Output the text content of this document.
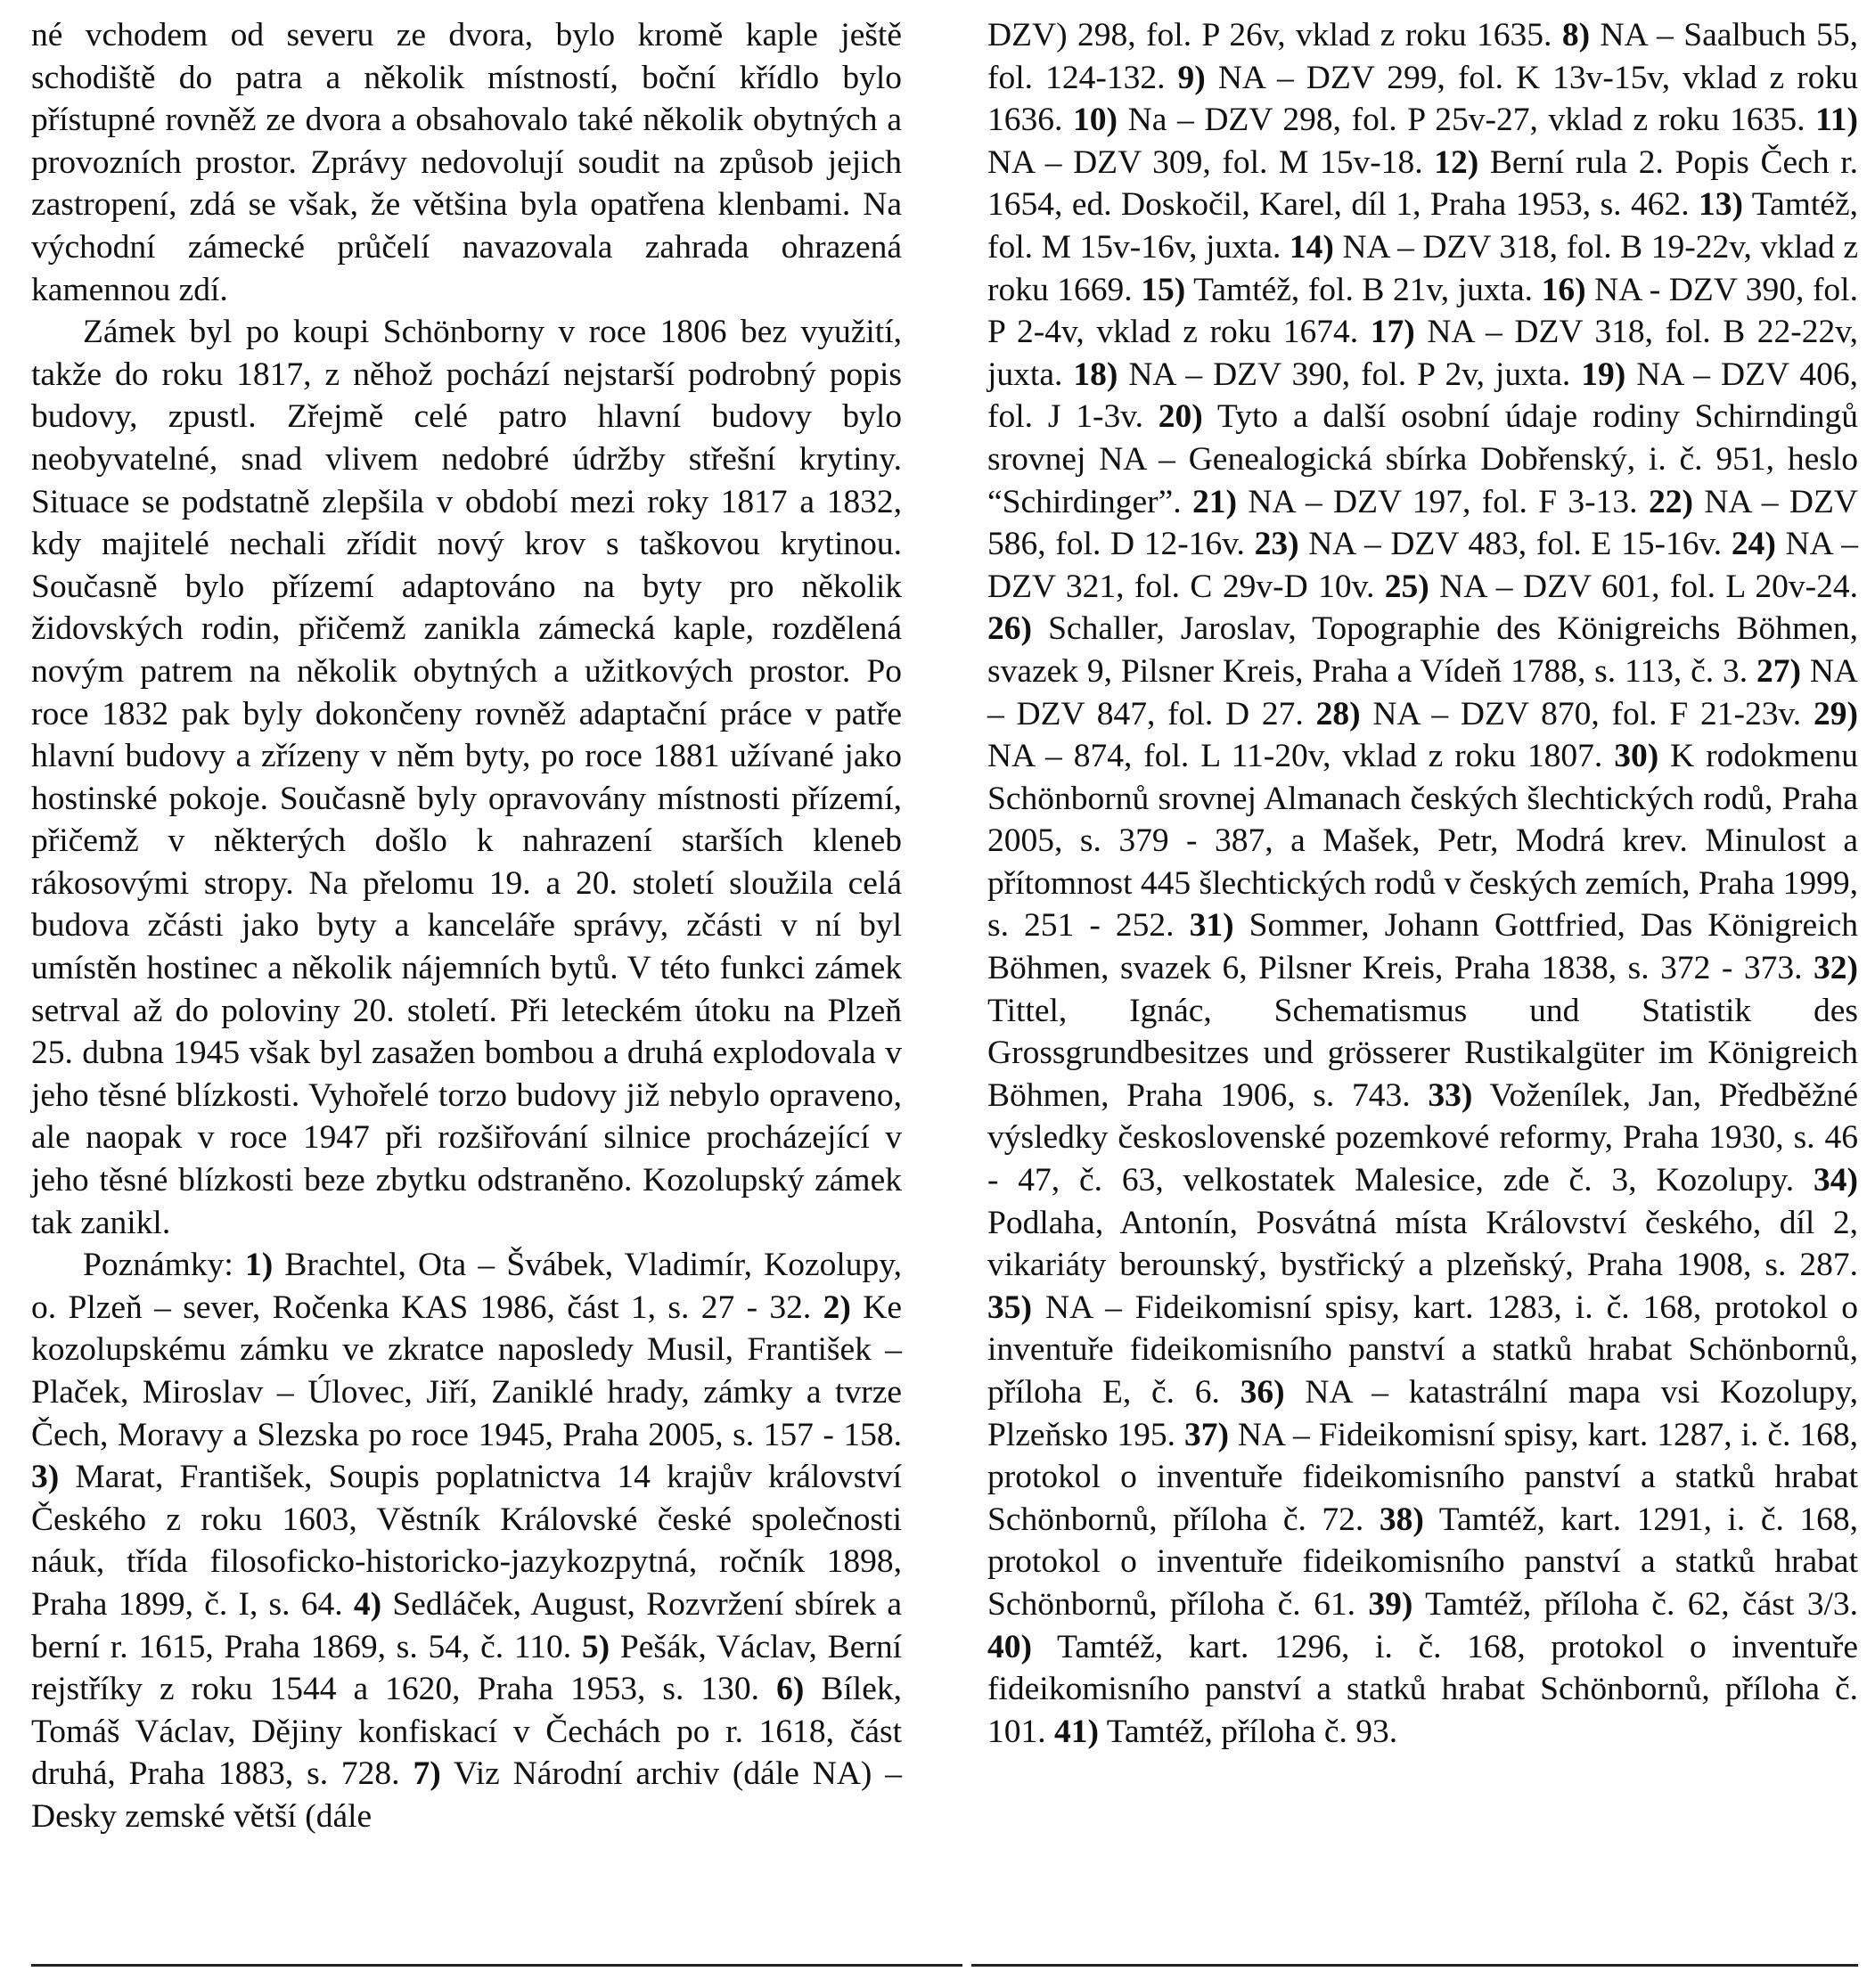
né vchodem od severu ze dvora, bylo kromě kaple ještě schodiště do patra a několik místností, boční křídlo bylo přístupné rovněž ze dvora a obsahovalo také několik obytných a provozních prostor. Zprávy nedovolují soudit na způsob jejich zastropení, zdá se však, že většina byla opatřena klenbami. Na východní zámecké průčelí navazovala zahrada ohrazená kamennou zdí.

Zámek byl po koupi Schönborny v roce 1806 bez využití, takže do roku 1817, z něhož pochází nejstarší podrobný popis budovy, zpustl. Zřejmě celé patro hlavní budovy bylo neobyvatelné, snad vlivem nedobré údržby střešní krytiny. Situace se podstatně zlepšila v období mezi roky 1817 a 1832, kdy majitelé nechali zřídit nový krov s taškovou krytinou. Současně bylo přízemí adaptováno na byty pro několik židovských rodin, přičemž zanikla zámecká kaple, rozdělená novým patrem na několik obytných a užitkových prostor. Po roce 1832 pak byly dokončeny rovněž adaptační práce v patře hlavní budovy a zřízeny v něm byty, po roce 1881 užívané jako hostinské pokoje. Současně byly opravovány místnosti přízemí, přičemž v některých došlo k nahrazení starších kleneb rákosovými stropy. Na přelomu 19. a 20. století sloužila celá budova zčásti jako byty a kanceláře správy, zčásti v ní byl umístěn hostinec a několik nájemních bytů. V této funkci zámek setrval až do poloviny 20. století. Při leteckém útoku na Plzeň 25. dubna 1945 však byl zasažen bombou a druhá explodovala v jeho těsné blízkosti. Vyhořelé torzo budovy již nebylo opraveno, ale naopak v roce 1947 při rozšiřování silnice procházející v jeho těsné blízkosti beze zbytku odstraněno. Kozolupský zámek tak zanikl.

Poznámky: 1) Brachtel, Ota – Švábek, Vladimír, Kozolupy, o. Plzeň – sever, Ročenka KAS 1986, část 1, s. 27 - 32. 2) Ke kozolupskému zámku ve zkratce naposledy Musil, František – Plaček, Miroslav – Úlovec, Jiří, Zaniklé hrady, zámky a tvrze Čech, Moravy a Slezska po roce 1945, Praha 2005, s. 157 - 158. 3) Marat, František, Soupis poplatnictva 14 krajův království Českého z roku 1603, Věstník Královské české společnosti náuk, třída filosoficko-historicko-jazykozpytná, ročník 1898, Praha 1899, č. I, s. 64. 4) Sedláček, August, Rozvržení sbírek a berní r. 1615, Praha 1869, s. 54, č. 110. 5) Pešák, Václav, Berní rejstříky z roku 1544 a 1620, Praha 1953, s. 130. 6) Bílek, Tomáš Václav, Dějiny konfiskací v Čechách po r. 1618, část druhá, Praha 1883, s. 728. 7) Viz Národní archiv (dále NA) – Desky zemské větší (dále

DZV) 298, fol. P 26v, vklad z roku 1635. 8) NA – Saalbuch 55, fol. 124-132. 9) NA – DZV 299, fol. K 13v-15v, vklad z roku 1636. 10) Na – DZV 298, fol. P 25v-27, vklad z roku 1635. 11) NA – DZV 309, fol. M 15v-18. 12) Berní rula 2. Popis Čech r. 1654, ed. Doskočil, Karel, díl 1, Praha 1953, s. 462. 13) Tamtéž, fol. M 15v-16v, juxta. 14) NA – DZV 318, fol. B 19-22v, vklad z roku 1669. 15) Tamtéž, fol. B 21v, juxta. 16) NA - DZV 390, fol. P 2-4v, vklad z roku 1674. 17) NA – DZV 318, fol. B 22-22v, juxta. 18) NA – DZV 390, fol. P 2v, juxta. 19) NA – DZV 406, fol. J 1-3v. 20) Tyto a další osobní údaje rodiny Schirndingů srovnej NA – Genealogická sbírka Dobřenský, i. č. 951, heslo “Schirdinger”. 21) NA – DZV 197, fol. F 3-13. 22) NA – DZV 586, fol. D 12-16v. 23) NA – DZV 483, fol. E 15-16v. 24) NA – DZV 321, fol. C 29v-D 10v. 25) NA – DZV 601, fol. L 20v-24. 26) Schaller, Jaroslav, Topographie des Königreichs Böhmen, svazek 9, Pilsner Kreis, Praha a Vídeň 1788, s. 113, č. 3. 27) NA – DZV 847, fol. D 27. 28) NA – DZV 870, fol. F 21-23v. 29) NA – 874, fol. L 11-20v, vklad z roku 1807. 30) K rodokmenu Schönbornů srovnej Almanach českých šlechtických rodů, Praha 2005, s. 379 - 387, a Mašek, Petr, Modrá krev. Minulost a přítomnost 445 šlechtických rodů v českých zemích, Praha 1999, s. 251 - 252. 31) Sommer, Johann Gottfried, Das Königreich Böhmen, svazek 6, Pilsner Kreis, Praha 1838, s. 372 - 373. 32) Tittel, Ignác, Schematismus und Statistik des Grossgrundbesitzes und grösserer Rustikalgüter im Königreich Böhmen, Praha 1906, s. 743. 33) Voženílek, Jan, Předběžné výsledky československé pozemkové reformy, Praha 1930, s. 46 - 47, č. 63, velkostatek Malesice, zde č. 3, Kozolupy. 34) Podlaha, Antonín, Posvátná místa Království českého, díl 2, vikariáty berounský, bystřický a plzeňský, Praha 1908, s. 287. 35) NA – Fideikomisní spisy, kart. 1283, i. č. 168, protokol o inventuře fideikomisního panství a statků hrabat Schönbornů, příloha E, č. 6. 36) NA – katastrální mapa vsi Kozolupy, Plzeňsko 195. 37) NA – Fideikomisní spisy, kart. 1287, i. č. 168, protokol o inventuře fideikomisního panství a statků hrabat Schönbornů, příloha č. 72. 38) Tamtéž, kart. 1291, i. č. 168, protokol o inventuře fideikomisního panství a statků hrabat Schönbornů, příloha č. 61. 39) Tamtéž, příloha č. 62, část 3/3. 40) Tamtéž, kart. 1296, i. č. 168, protokol o inventuře fideikomisního panství a statků hrabat Schönbornů, příloha č. 101. 41) Tamtéž, příloha č. 93.
